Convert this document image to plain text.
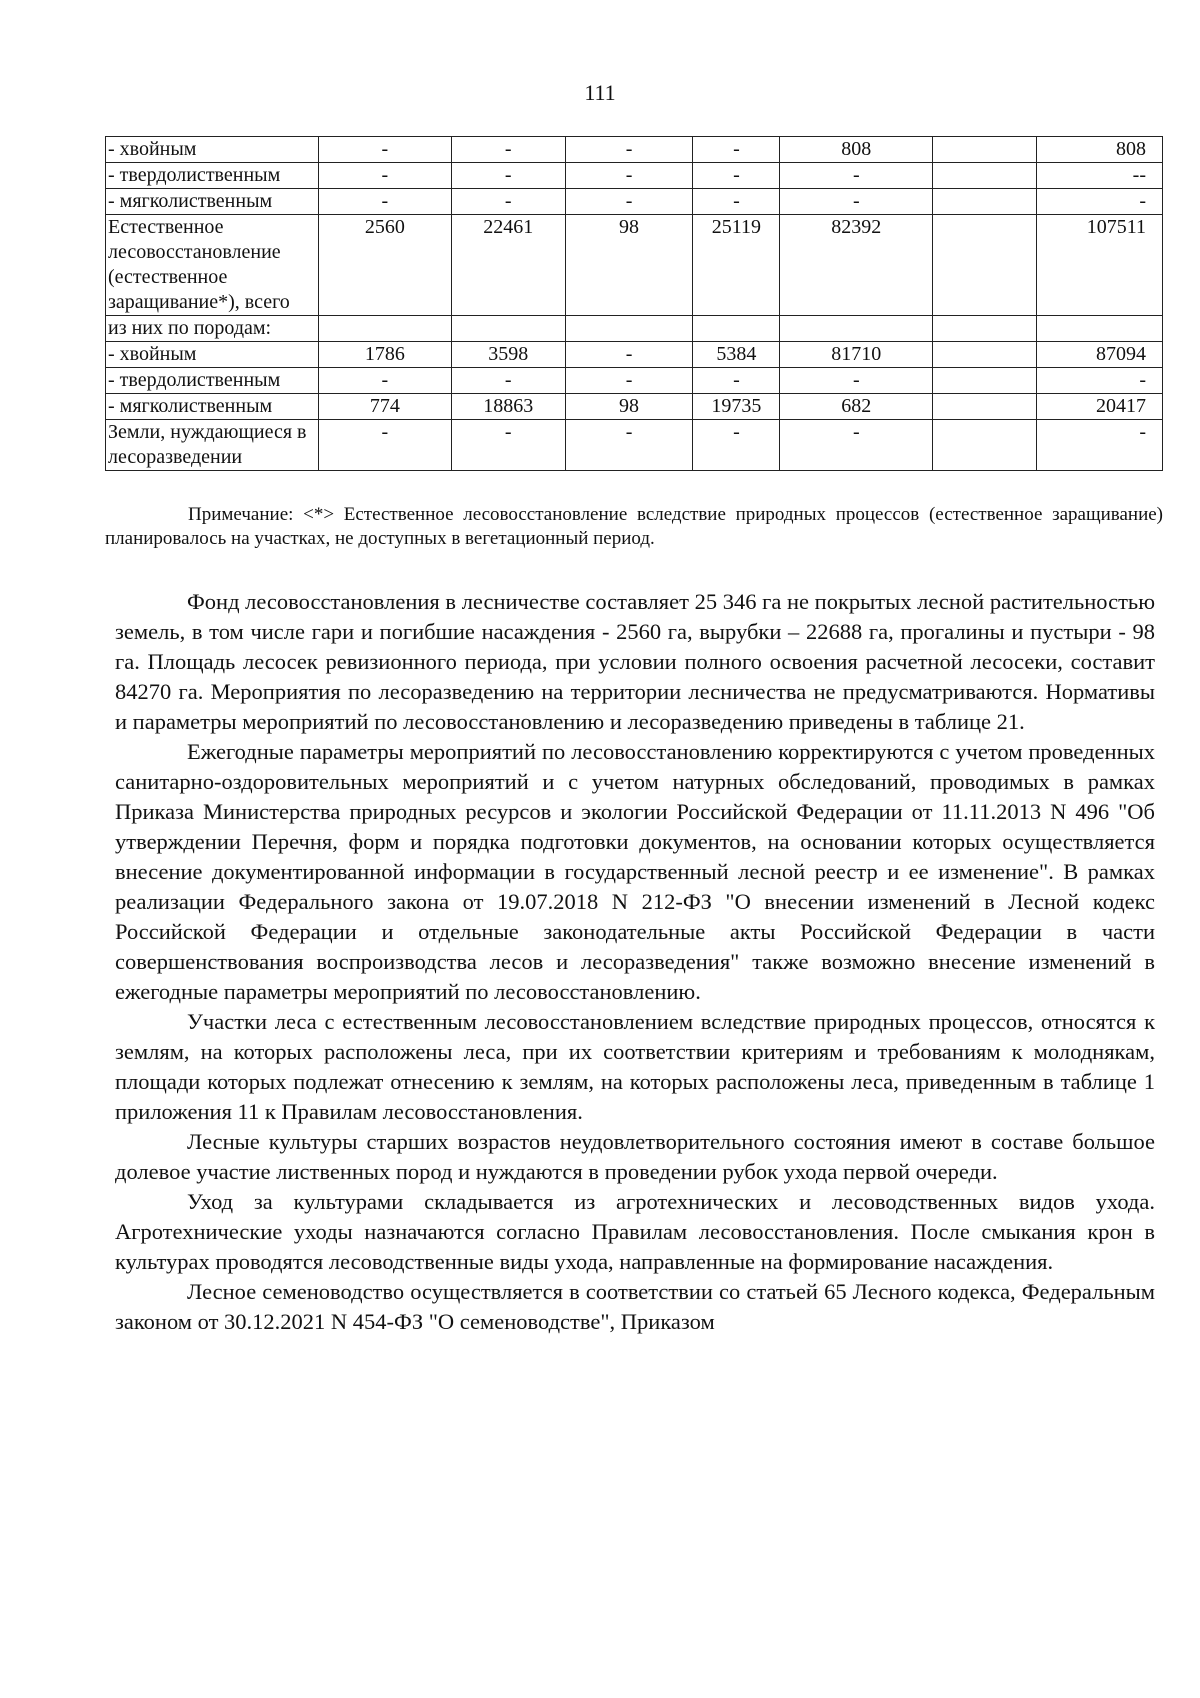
111
- хвойным	-	-	-	-	808		808
- твердолиственным	-	-	-	-	-		--
- мягколиственным	-	-	-	-	-		-
Естественное лесовосстановление (естественное заращивание*), всего	2560	22461	98	25119	82392		107511
из них по породам:							
- хвойным	1786	3598	-	5384	81710		87094
- твердолиственным	-	-	-	-	-		-
- мягколиственным	774	18863	98	19735	682		20417
Земли, нуждающиеся в лесоразведении	-	-	-	-	-		-
Примечание: <*> Естественное лесовосстановление вследствие природных процессов (естественное заращивание) планировалось на участках, не доступных в вегетационный период.

Фонд лесовосстановления в лесничестве составляет 25 346 га не покрытых лесной растительностью земель, в том числе гари и погибшие насаждения - 2560 га, вырубки – 22688 га, прогалины и пустыри - 98 га. Площадь лесосек ревизионного периода, при условии полного освоения расчетной лесосеки, составит 84270 га. Мероприятия по лесоразведению на территории лесничества не предусматриваются. Нормативы и параметры мероприятий по лесовосстановлению и лесоразведению приведены в таблице 21.

Ежегодные параметры мероприятий по лесовосстановлению корректируются с учетом проведенных санитарно-оздоровительных мероприятий и с учетом натурных обследований, проводимых в рамках Приказа Министерства природных ресурсов и экологии Российской Федерации от 11.11.2013 N 496 "Об утверждении Перечня, форм и порядка подготовки документов, на основании которых осуществляется внесение документированной информации в государственный лесной реестр и ее изменение". В рамках реализации Федерального закона от 19.07.2018 N 212-ФЗ "О внесении изменений в Лесной кодекс Российской Федерации и отдельные законодательные акты Российской Федерации в части совершенствования воспроизводства лесов и лесоразведения" также возможно внесение изменений в ежегодные параметры мероприятий по лесовосстановлению.

Участки леса с естественным лесовосстановлением вследствие природных процессов, относятся к землям, на которых расположены леса, при их соответствии критериям и требованиям к молоднякам, площади которых подлежат отнесению к землям, на которых расположены леса, приведенным в таблице 1 приложения 11 к Правилам лесовосстановления.

Лесные культуры старших возрастов неудовлетворительного состояния имеют в составе большое долевое участие лиственных пород и нуждаются в проведении рубок ухода первой очереди.

Уход за культурами складывается из агротехнических и лесоводственных видов ухода. Агротехнические уходы назначаются согласно Правилам лесовосстановления. После смыкания крон в культурах проводятся лесоводственные виды ухода, направленные на формирование насаждения.

Лесное семеноводство осуществляется в соответствии со статьей 65 Лесного кодекса, Федеральным законом от 30.12.2021 N 454-ФЗ "О семеноводстве", Приказом
